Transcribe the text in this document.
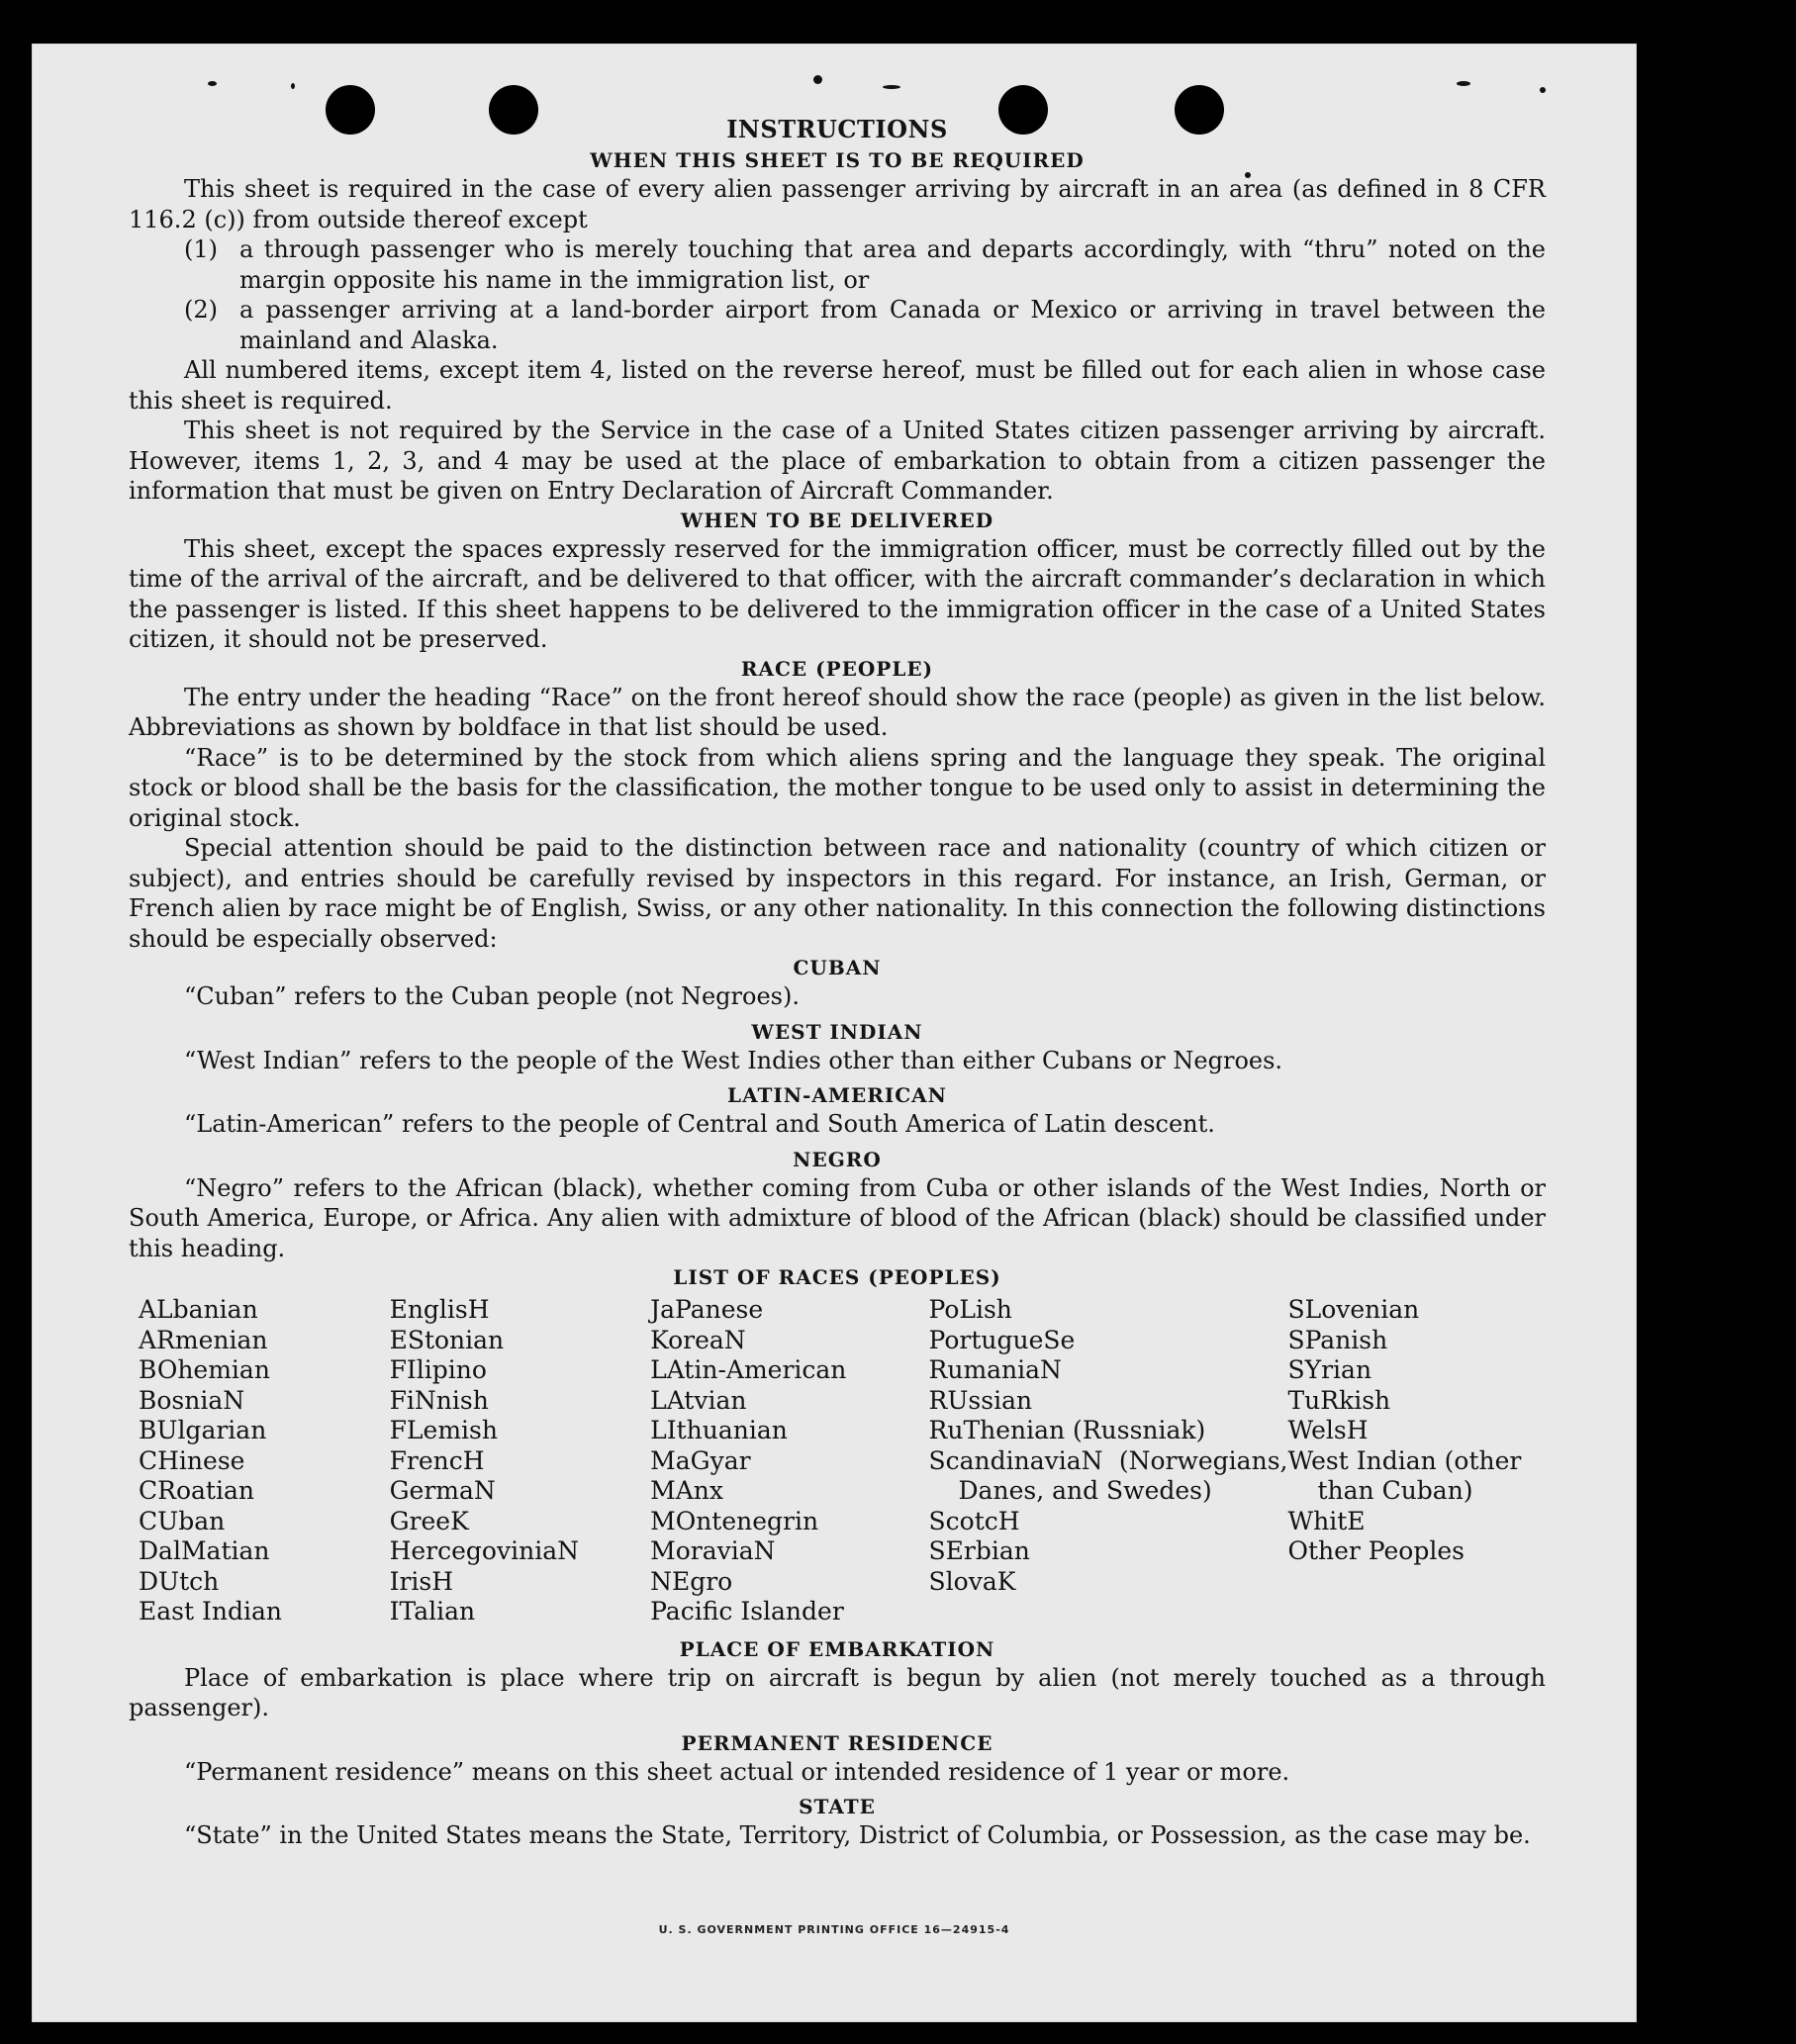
INSTRUCTIONS
WHEN THIS SHEET IS TO BE REQUIRED

This sheet is required in the case of every alien passenger arriving by aircraft in an area (as defined in 8 CFR 116.2 (c)) from outside thereof except

(1) a through passenger who is merely touching that area and departs accordingly, with “thru” noted on the margin opposite his name in the immigration list, or

(2) a passenger arriving at a land-border airport from Canada or Mexico or arriving in travel between the mainland and Alaska.

All numbered items, except item 4, listed on the reverse hereof, must be filled out for each alien in whose case this sheet is required.

This sheet is not required by the Service in the case of a United States citizen passenger arriving by aircraft. However, items 1, 2, 3, and 4 may be used at the place of embarkation to obtain from a citizen passenger the information that must be given on Entry Declaration of Aircraft Commander.

WHEN TO BE DELIVERED

This sheet, except the spaces expressly reserved for the immigration officer, must be correctly filled out by the time of the arrival of the aircraft, and be delivered to that officer, with the aircraft commander’s declaration in which the passenger is listed. If this sheet happens to be delivered to the immigration officer in the case of a United States citizen, it should not be preserved.

RACE (PEOPLE)

The entry under the heading “Race” on the front hereof should show the race (people) as given in the list below. Abbreviations as shown by boldface in that list should be used.

“Race” is to be determined by the stock from which aliens spring and the language they speak. The original stock or blood shall be the basis for the classification, the mother tongue to be used only to assist in determining the original stock.

Special attention should be paid to the distinction between race and nationality (country of which citizen or subject), and entries should be carefully revised by inspectors in this regard. For instance, an Irish, German, or French alien by race might be of English, Swiss, or any other nationality. In this connection the following distinctions should be especially observed:

CUBAN

“Cuban” refers to the Cuban people (not Negroes).

WEST INDIAN

“West Indian” refers to the people of the West Indies other than either Cubans or Negroes.

LATIN-AMERICAN

“Latin-American” refers to the people of Central and South America of Latin descent.

NEGRO

“Negro” refers to the African (black), whether coming from Cuba or other islands of the West Indies, North or South America, Europe, or Africa. Any alien with admixture of blood of the African (black) should be classified under this heading.

LIST OF RACES (PEOPLES)
ALbanian
ARmenian
BOhemian
BosniaN
BUlgarian
CHinese
CRoatian
CUban
DalMatian
DUtch
East Indian
EnglisH
EStonian
FIlipino
FiNnish
FLemish
FrencH
GermaN
GreeK
HercegoviniaN
IrisH
ITalian
JaPanese
KoreaN
LAtin-American
LAtvian
LIthuanian
MaGyar
MAnx
MOntenegrin
MoraviaN
NEgro
Pacific Islander
PoLish
PortugueSe
RumaniaN
RUssian
RuThenian (Russniak)
ScandinaviaN (Norwegians, Danes, and Swedes)
ScotcH
SErbian
SlovaK
SLovenian
SPanish
SYrian
TuRkish
WelsH
West Indian (other than Cuban)
WhitE
Other Peoples
PLACE OF EMBARKATION

Place of embarkation is place where trip on aircraft is begun by alien (not merely touched as a through passenger).

PERMANENT RESIDENCE

“Permanent residence” means on this sheet actual or intended residence of 1 year or more.

STATE

“State” in the United States means the State, Territory, District of Columbia, or Possession, as the case may be.

U. S. GOVERNMENT PRINTING OFFICE 16—24915-4
